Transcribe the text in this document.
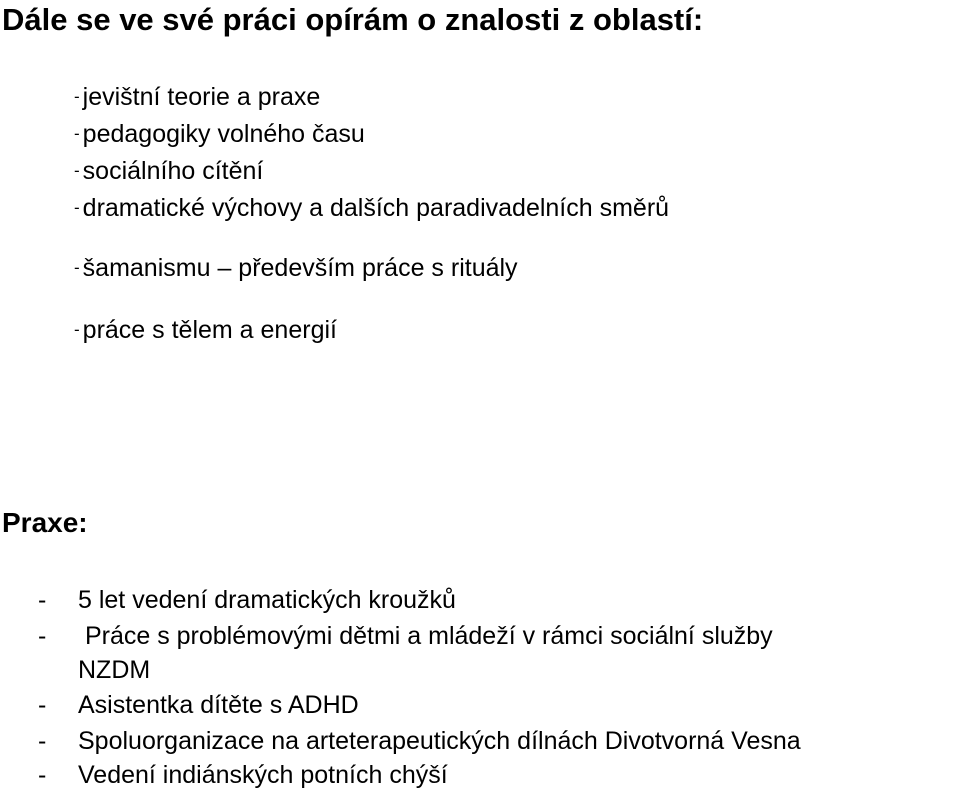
Dále se ve své práci opírám o znalosti z oblastí:
- jevištní teorie a praxe
- pedagogiky volného času
- sociálního cítění
- dramatické výchovy a dalších paradivadelních směrů
- šamanismu – především práce s rituály
- práce s tělem a energií
Praxe:
- 5 let vedení dramatických kroužků
- Práce s problémovými dětmi a mládeží v rámci sociální služby
NZDM
- Asistentka dítěte s ADHD
- Spoluorganizace na arteterapeutických dílnách Divotvorná Vesna
- Vedení indiánských potních chýší
